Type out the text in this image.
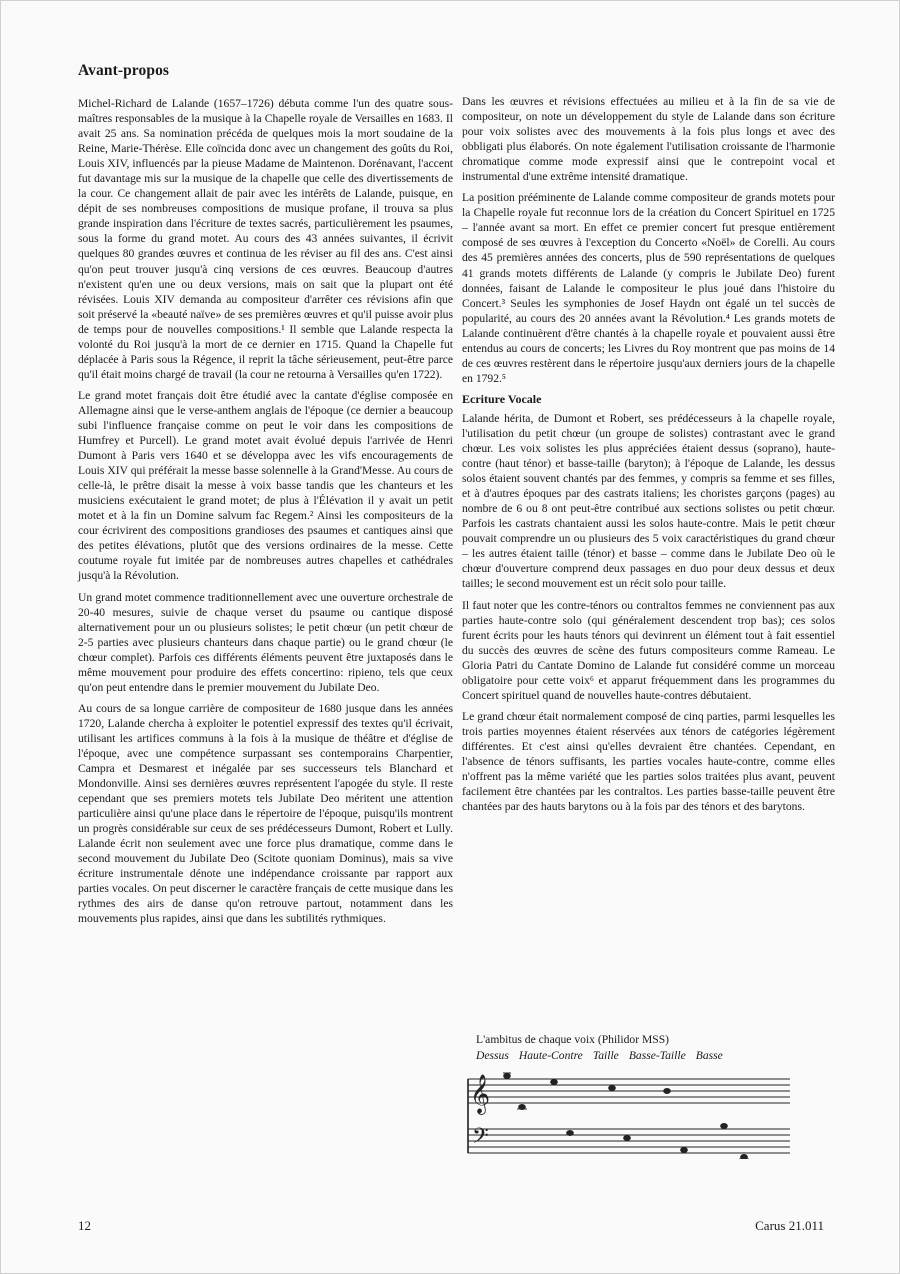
Avant-propos

Michel-Richard de Lalande (1657–1726) débuta comme l'un des quatre sous-maîtres responsables de la musique à la Chapelle royale de Versailles en 1683. Il avait 25 ans. Sa nomination précéda de quelques mois la mort soudaine de la Reine, Marie-Thérèse. Elle coïncida donc avec un changement des goûts du Roi, Louis XIV, influencés par la pieuse Madame de Maintenon. Dorénavant, l'accent fut davantage mis sur la musique de la chapelle que celle des divertissements de la cour. Ce changement allait de pair avec les intérêts de Lalande, puisque, en dépit de ses nombreuses compositions de musique profane, il trouva sa plus grande inspiration dans l'écriture de textes sacrés, particulièrement les psaumes, sous la forme du grand motet. Au cours des 43 années suivantes, il écrivit quelques 80 grandes œuvres et continua de les réviser au fil des ans. C'est ainsi qu'on peut trouver jusqu'à cinq versions de ces œuvres. Beaucoup d'autres n'existent qu'en une ou deux versions, mais on sait que la plupart ont été révisées. Louis XIV demanda au compositeur d'arrêter ces révisions afin que soit préservé la «beauté naïve» de ses premières œuvres et qu'il puisse avoir plus de temps pour de nouvelles compositions.¹ Il semble que Lalande respecta la volonté du Roi jusqu'à la mort de ce dernier en 1715. Quand la Chapelle fut déplacée à Paris sous la Régence, il reprit la tâche sérieusement, peut-être parce qu'il était moins chargé de travail (la cour ne retourna à Versailles qu'en 1722).

Le grand motet français doit être étudié avec la cantate d'église composée en Allemagne ainsi que le verse-anthem anglais de l'époque (ce dernier a beaucoup subi l'influence française comme on peut le voir dans les compositions de Humfrey et Purcell). Le grand motet avait évolué depuis l'arrivée de Henri Dumont à Paris vers 1640 et se développa avec les vifs encouragements de Louis XIV qui préférait la messe basse solennelle à la Grand'Messe. Au cours de celle-là, le prêtre disait la messe à voix basse tandis que les chanteurs et les musiciens exécutaient le grand motet; de plus à l'Élévation il y avait un petit motet et à la fin un Domine salvum fac Regem.² Ainsi les compositeurs de la cour écrivirent des compositions grandioses des psaumes et cantiques ainsi que des petites élévations, plutôt que des versions ordinaires de la messe. Cette coutume royale fut imitée par de nombreuses autres chapelles et cathédrales jusqu'à la Révolution.

Un grand motet commence traditionnellement avec une ouverture orchestrale de 20-40 mesures, suivie de chaque verset du psaume ou cantique disposé alternativement pour un ou plusieurs solistes; le petit chœur (un petit chœur de 2-5 parties avec plusieurs chanteurs dans chaque partie) ou le grand chœur (le chœur complet). Parfois ces différents éléments peuvent être juxtaposés dans le même mouvement pour produire des effets concertino: ripieno, tels que ceux qu'on peut entendre dans le premier mouvement du Jubilate Deo.

Au cours de sa longue carrière de compositeur de 1680 jusque dans les années 1720, Lalande chercha à exploiter le potentiel expressif des textes qu'il écrivait, utilisant les artifices communs à la fois à la musique de théâtre et d'église de l'époque, avec une compétence surpassant ses contemporains Charpentier, Campra et Desmarest et inégalée par ses successeurs tels Blanchard et Mondonville. Ainsi ses dernières œuvres représentent l'apogée du style. Il reste cependant que ses premiers motets tels Jubilate Deo méritent une attention particulière ainsi qu'une place dans le répertoire de l'époque, puisqu'ils montrent un progrès considérable sur ceux de ses prédécesseurs Dumont, Robert et Lully. Lalande écrit non seulement avec une force plus dramatique, comme dans le second mouvement du Jubilate Deo (Scitote quoniam Dominus), mais sa vive écriture instrumentale dénote une indépendance croissante par rapport aux parties vocales. On peut discerner le caractère français de cette musique dans les rythmes des airs de danse qu'on retrouve partout, notamment dans les mouvements plus rapides, ainsi que dans les subtilités rythmiques.

Dans les œuvres et révisions effectuées au milieu et à la fin de sa vie de compositeur, on note un développement du style de Lalande dans son écriture pour voix solistes avec des mouvements à la fois plus longs et avec des obbligati plus élaborés. On note également l'utilisation croissante de l'harmonie chromatique comme mode expressif ainsi que le contrepoint vocal et instrumental d'une extrême intensité dramatique.

La position prééminente de Lalande comme compositeur de grands motets pour la Chapelle royale fut reconnue lors de la création du Concert Spirituel en 1725 – l'année avant sa mort. En effet ce premier concert fut presque entièrement composé de ses œuvres à l'exception du Concerto «Noël» de Corelli. Au cours des 45 premières années des concerts, plus de 590 représentations de quelques 41 grands motets différents de Lalande (y compris le Jubilate Deo) furent données, faisant de Lalande le compositeur le plus joué dans l'histoire du Concert.³ Seules les symphonies de Josef Haydn ont égalé un tel succès de popularité, au cours des 20 années avant la Révolution.⁴ Les grands motets de Lalande continuèrent d'être chantés à la chapelle royale et pouvaient aussi être entendus au cours de concerts; les Livres du Roy montrent que pas moins de 14 de ces œuvres restèrent dans le répertoire jusqu'aux derniers jours de la chapelle en 1792.⁵

Ecriture Vocale

Lalande hérita, de Dumont et Robert, ses prédécesseurs à la chapelle royale, l'utilisation du petit chœur (un groupe de solistes) contrastant avec le grand chœur. Les voix solistes les plus appréciées étaient dessus (soprano), haute-contre (haut ténor) et basse-taille (baryton); à l'époque de Lalande, les dessus solos étaient souvent chantés par des femmes, y compris sa femme et ses filles, et à d'autres époques par des castrats italiens; les choristes garçons (pages) au nombre de 6 ou 8 ont peut-être contribué aux sections solistes ou petit chœur. Parfois les castrats chantaient aussi les solos haute-contre. Mais le petit chœur pouvait comprendre un ou plusieurs des 5 voix caractéristiques du grand chœur – les autres étaient taille (ténor) et basse – comme dans le Jubilate Deo où le chœur d'ouverture comprend deux passages en duo pour deux dessus et deux tailles; le second mouvement est un récit solo pour taille.

Il faut noter que les contre-ténors ou contraltos femmes ne conviennent pas aux parties haute-contre solo (qui généralement descendent trop bas); ces solos furent écrits pour les hauts ténors qui devinrent un élément tout à fait essentiel du succès des œuvres de scène des futurs compositeurs comme Rameau. Le Gloria Patri du Cantate Domino de Lalande fut considéré comme un morceau obligatoire pour cette voix⁶ et apparut fréquemment dans les programmes du Concert spirituel quand de nouvelles haute-contres débutaient.

Le grand chœur était normalement composé de cinq parties, parmi lesquelles les trois parties moyennes étaient réservées aux ténors de catégories légèrement différentes. Et c'est ainsi qu'elles devraient être chantées. Cependant, en l'absence de ténors suffisants, les parties vocales haute-contre, comme elles n'offrent pas la même variété que les parties solos traitées plus avant, peuvent facilement être chantées par les contraltos. Les parties basse-taille peuvent être chantées par des hauts barytons ou à la fois par des ténors et des barytons.

L'ambitus de chaque voix (Philidor MSS)
Dessus Haute-Contre Taille Basse-Taille Basse
𝄞
𝄢
12	Carus 21.011
